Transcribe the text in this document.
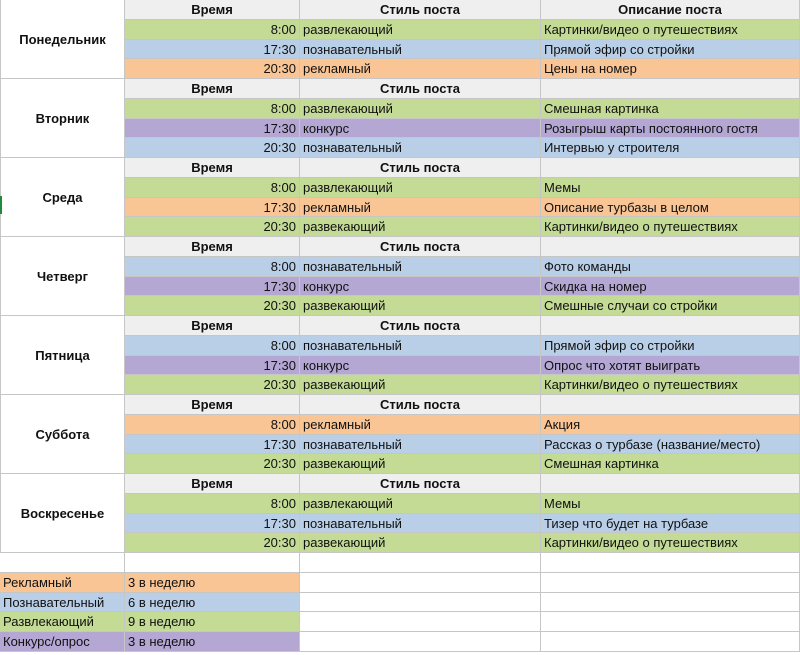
Понедельник
Время	Стиль поста	Описание поста
8:00 развлекающий	Картинки/видео о путешествиях
17:30 познавательный	Прямой эфир со стройки
20:30 рекламный	Цены на номер
Вторник
Время	Стиль поста
8:00 развлекающий	Смешная картинка
17:30 конкурс	Розыгрыш карты постоянного гостя
20:30 познавательный	Интервью у строителя
Среда
Время	Стиль поста
8:00 развлекающий	Мемы
17:30 рекламный	Описание турбазы в целом
20:30 развекающий	Картинки/видео о путешествиях
Четверг
Время	Стиль поста
8:00 познавательный	Фото команды
17:30 конкурс	Скидка на номер
20:30 развекающий	Смешные случаи со стройки
Пятница
Время	Стиль поста
8:00 познавательный	Прямой эфир со стройки
17:30 конкурс	Опрос что хотят выиграть
20:30 развекающий	Картинки/видео о путешествиях
Суббота
Время	Стиль поста
8:00 рекламный	Акция
17:30 познавательный	Рассказ о турбазе (название/место)
20:30 развекающий	Смешная картинка
Воскресенье
Время	Стиль поста
8:00 развлекающий	Мемы
17:30 познавательный	Тизер что будет на турбазе
20:30 развекающий	Картинки/видео о путешествиях
Рекламный	3 в неделю
Познавательный	6 в неделю
Развлекающий	9 в неделю
Конкурс/опрос	3 в неделю
